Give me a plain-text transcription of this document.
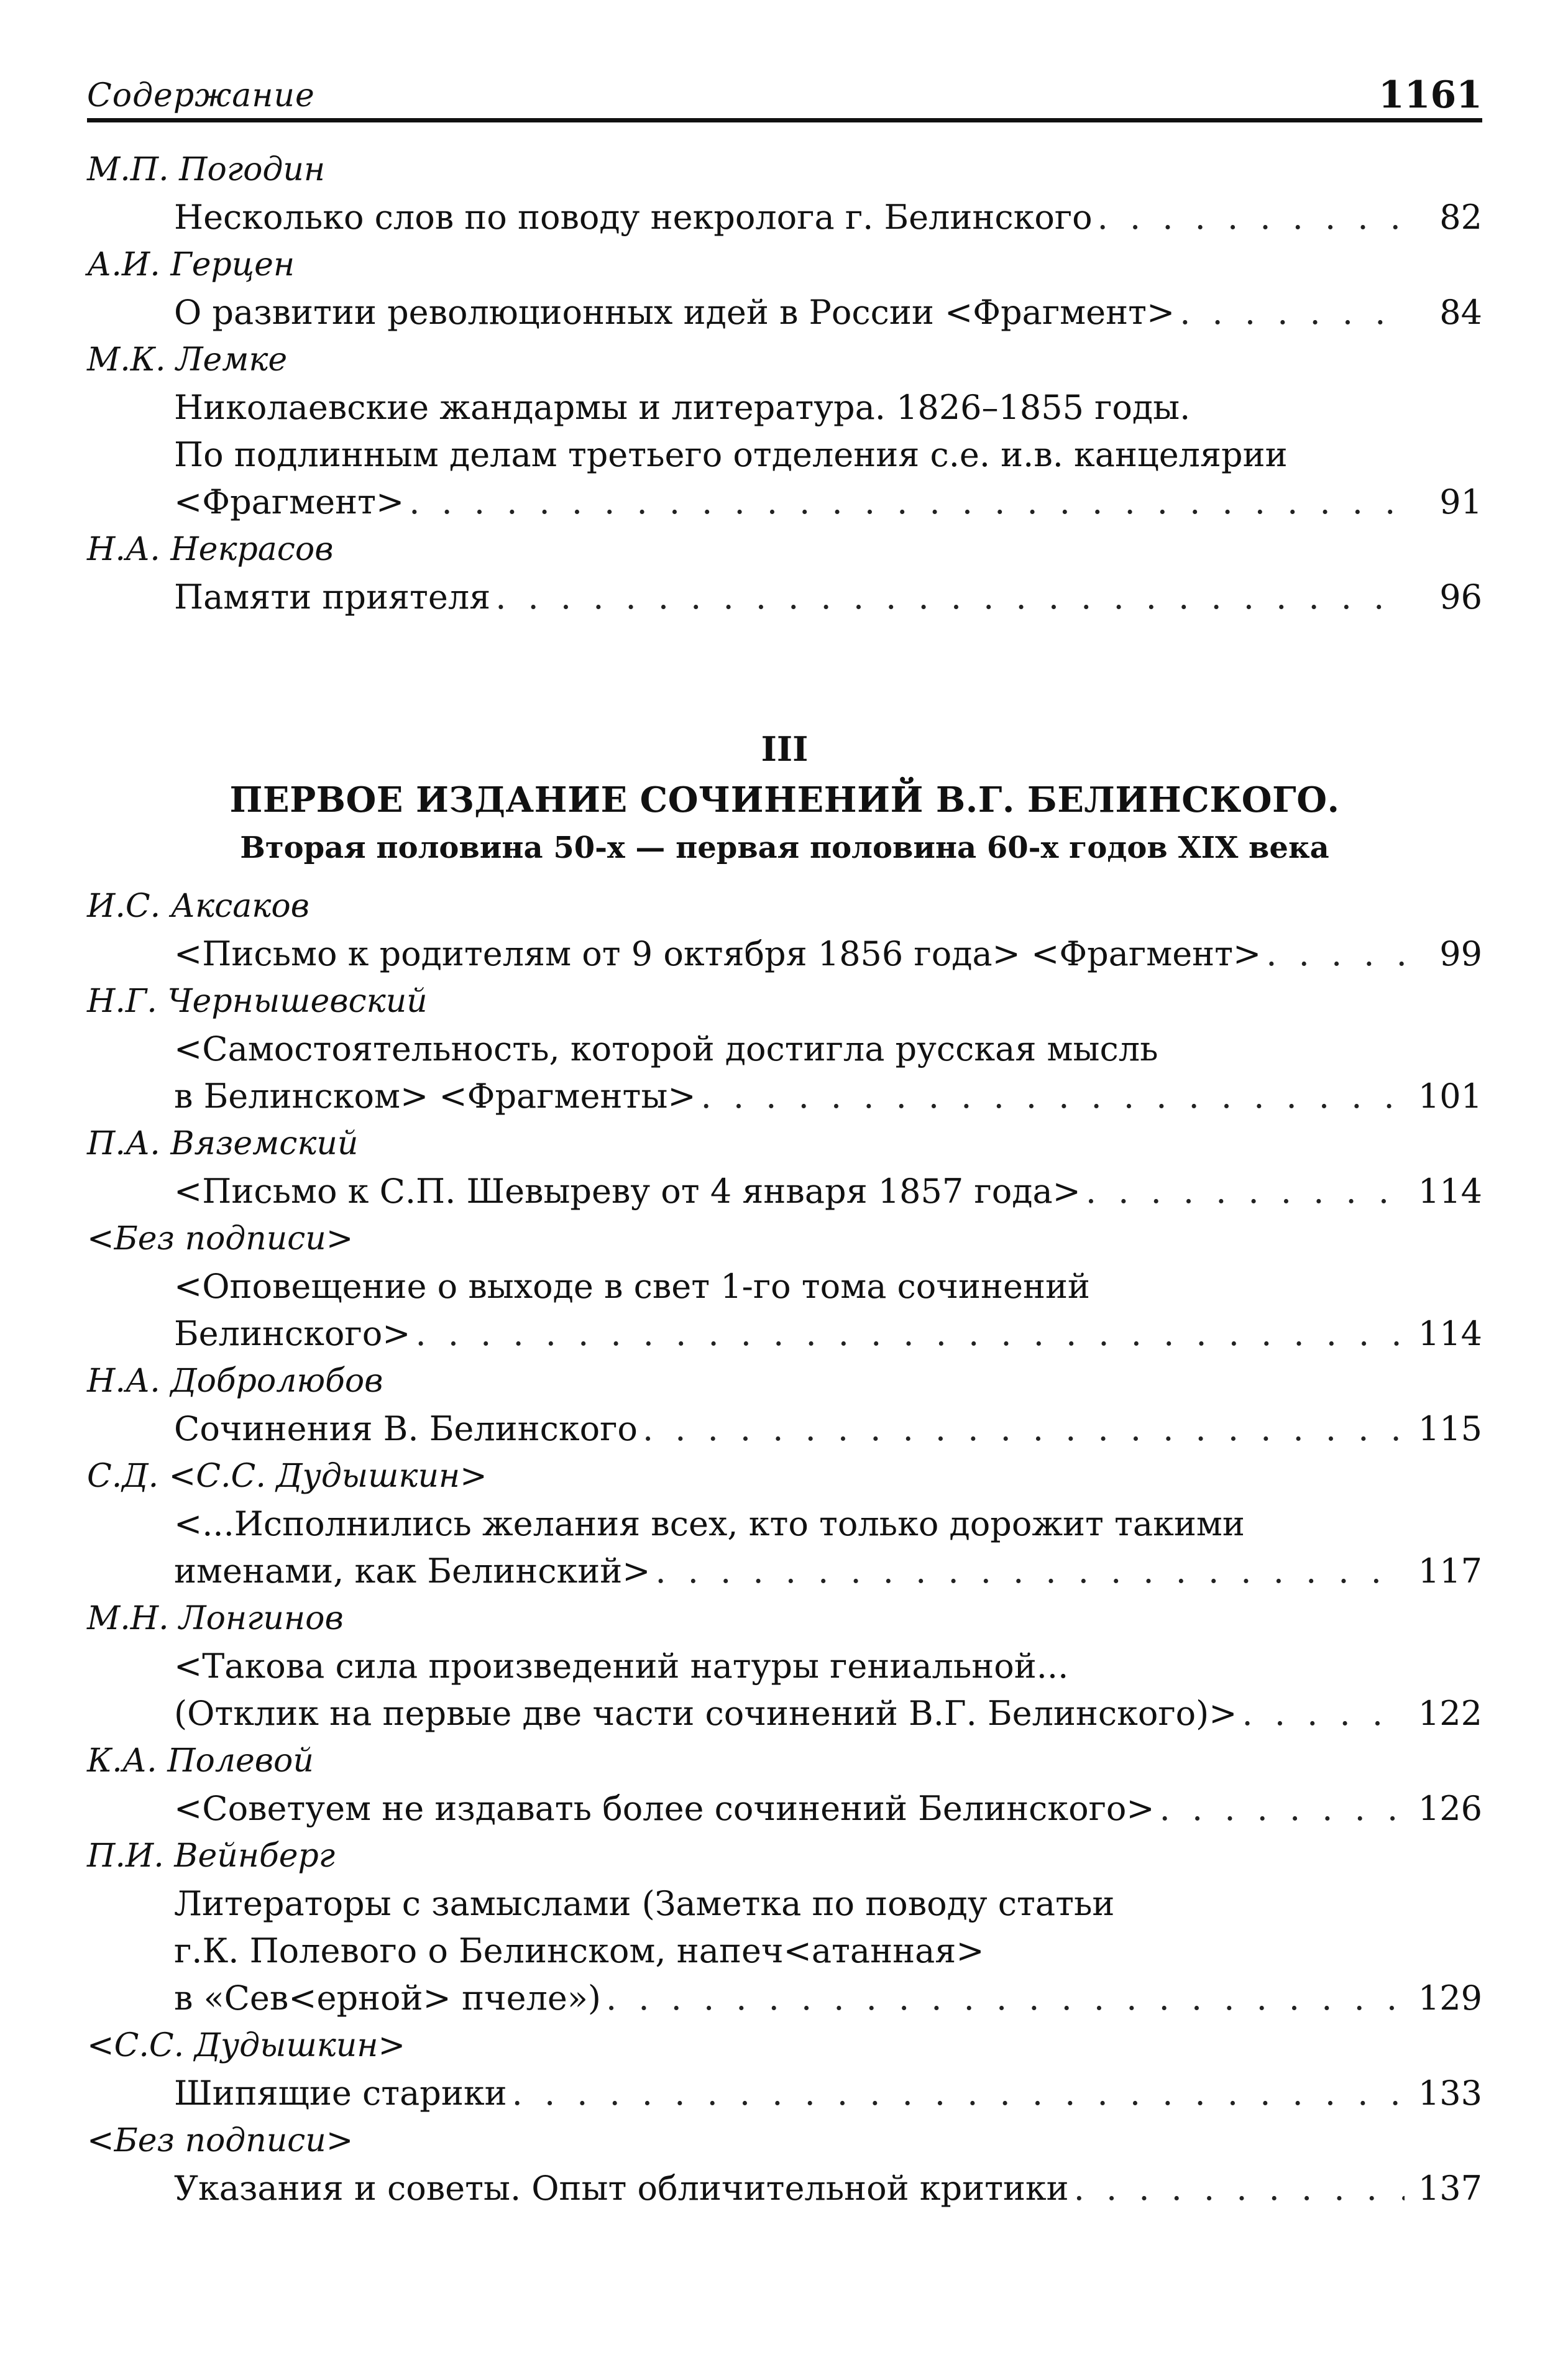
Содержание	1161
М.П. Погодин
Несколько слов по поводу некролога г. Белинского . . .	82
А.И. Герцен
О развитии революционных идей в России <Фрагмент> . . .	84
М.К. Лемке
Николаевские жандармы и литература. 1826–1855 годы.
По подлинным делам третьего отделения с.е. и.в. канцелярии
<Фрагмент> . . .	91
Н.А. Некрасов
Памяти приятеля . . .	96
III
ПЕРВОЕ ИЗДАНИЕ СОЧИНЕНИЙ В.Г. БЕЛИНСКОГО.
Вторая половина 50-х — первая половина 60-х годов XIX века
И.С. Аксаков
<Письмо к родителям от 9 октября 1856 года> <Фрагмент> . . .	99
Н.Г. Чернышевский
<Самостоятельность, которой достигла русская мысль
в Белинском> <Фрагменты> . . .	101
П.А. Вяземский
<Письмо к С.П. Шевыреву от 4 января 1857 года> . . .	114
<Без подписи>
<Оповещение о выходе в свет 1-го тома сочинений
Белинского> . . .	114
Н.А. Добролюбов
Сочинения В. Белинского . . .	115
С.Д. <С.С. Дудышкин>
<...Исполнились желания всех, кто только дорожит такими
именами, как Белинский> . . .	117
М.Н. Лонгинов
<Такова сила произведений натуры гениальной...
(Отклик на первые две части сочинений В.Г. Белинского)> . . .	122
К.А. Полевой
<Советуем не издавать более сочинений Белинского> . . .	126
П.И. Вейнберг
Литераторы с замыслами (Заметка по поводу статьи
г.К. Полевого о Белинском, напеч<атанная>
в «Сев<ерной> пчеле») . . .	129
<С.С. Дудышкин>
Шипящие старики . . .	133
<Без подписи>
Указания и советы. Опыт обличительной критики . . .	137
